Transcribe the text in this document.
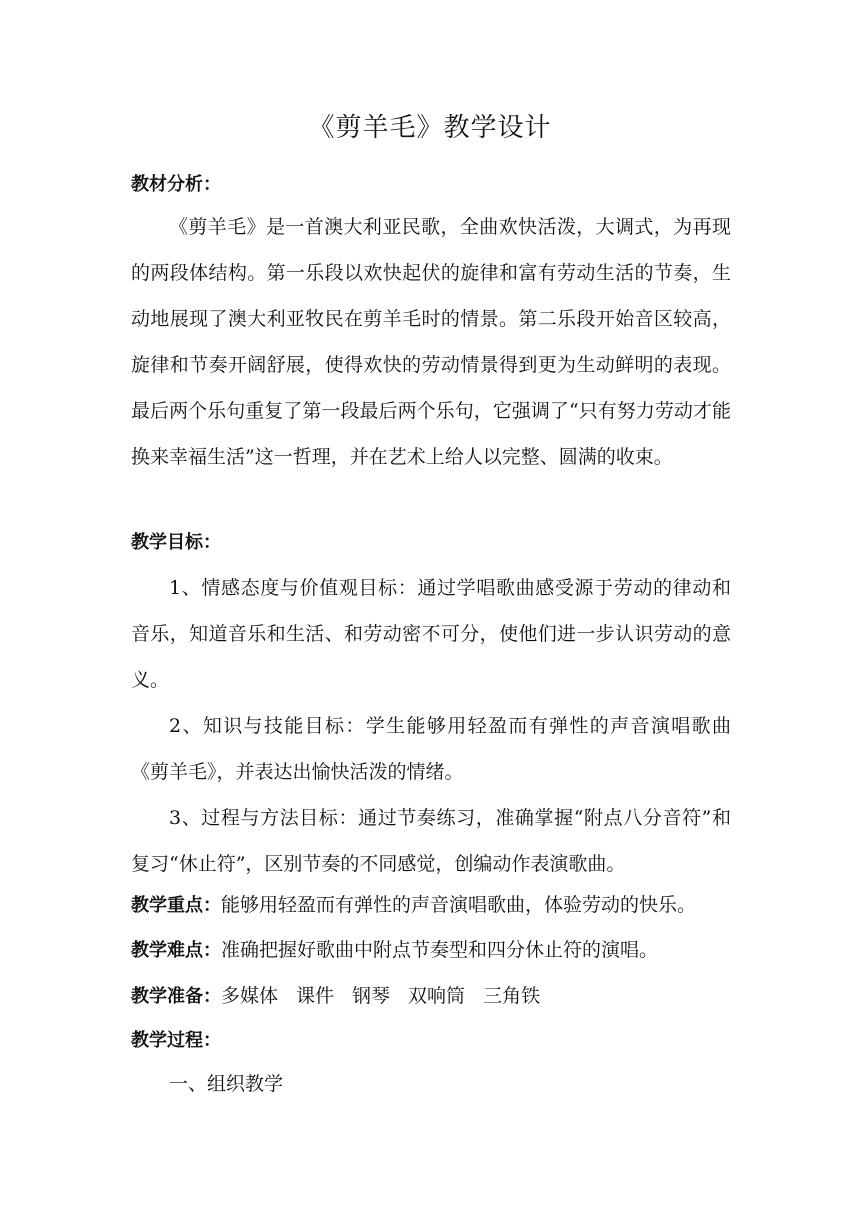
《剪羊毛》教学设计
教材分析：
《剪羊毛》是一首澳大利亚民歌，全曲欢快活泼，大调式，为再现的两段体结构。第一乐段以欢快起伏的旋律和富有劳动生活的节奏，生动地展现了澳大利亚牧民在剪羊毛时的情景。第二乐段开始音区较高，旋律和节奏开阔舒展，使得欢快的劳动情景得到更为生动鲜明的表现。最后两个乐句重复了第一段最后两个乐句，它强调了“只有努力劳动才能换来幸福生活”这一哲理，并在艺术上给人以完整、圆满的收束。
教学目标：
1、情感态度与价值观目标：通过学唱歌曲感受源于劳动的律动和音乐，知道音乐和生活、和劳动密不可分，使他们进一步认识劳动的意义。
2、知识与技能目标：学生能够用轻盈而有弹性的声音演唱歌曲《剪羊毛》，并表达出愉快活泼的情绪。
3、过程与方法目标：通过节奏练习，准确掌握“附点八分音符”和复习“休止符”，区别节奏的不同感觉，创编动作表演歌曲。
教学重点：能够用轻盈而有弹性的声音演唱歌曲，体验劳动的快乐。
教学难点：准确把握好歌曲中附点节奏型和四分休止符的演唱。
教学准备：多媒体 课件 钢琴 双响筒 三角铁
教学过程：
一、组织教学
